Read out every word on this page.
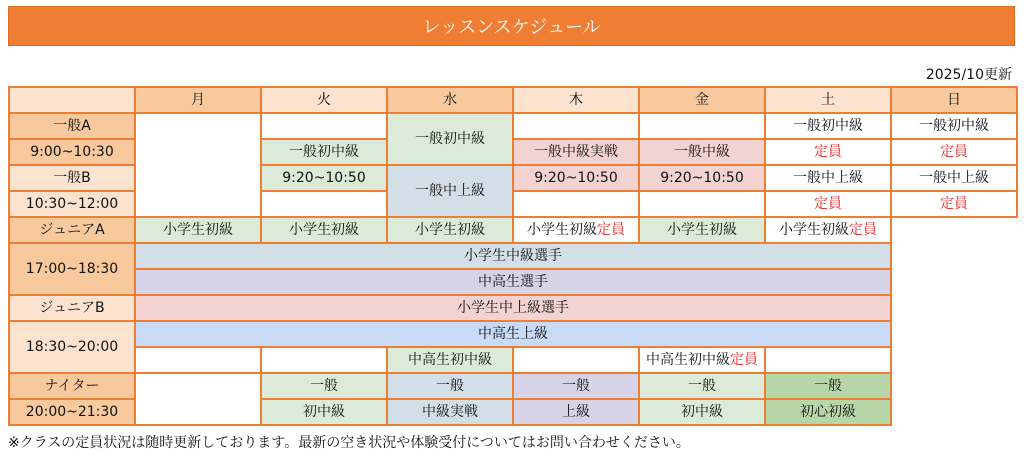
レッスンスケジュール
2025/10更新
	月	火	水	木	金	土	日
一般A			一般初中級			一般初中級	一般初中級
9:00~10:30		一般初中級		一般中級実戦	一般中級	定員	定員
一般B		9:20~10:50	一般中上級	9:20~10:50	9:20~10:50	一般中上級	一般中上級
10:30~12:00						定員	定員
ジュニアA	小学生初級	小学生初級	小学生初級	小学生初級定員	小学生初級	小学生初級定員	
17:00~18:30	小学生中級選手						
	中高生選手						
ジュニアB	小学生中上級選手						
18:30~20:00	中高生上級						
			中高生初中級		中高生初中級定員		
ナイター		一般	一般	一般	一般	一般	
20:00~21:30		初中級	中級実戦	上級	初中級	初心初級	
※クラスの定員状況は随時更新しております。最新の空き状況や体験受付についてはお問い合わせください。
